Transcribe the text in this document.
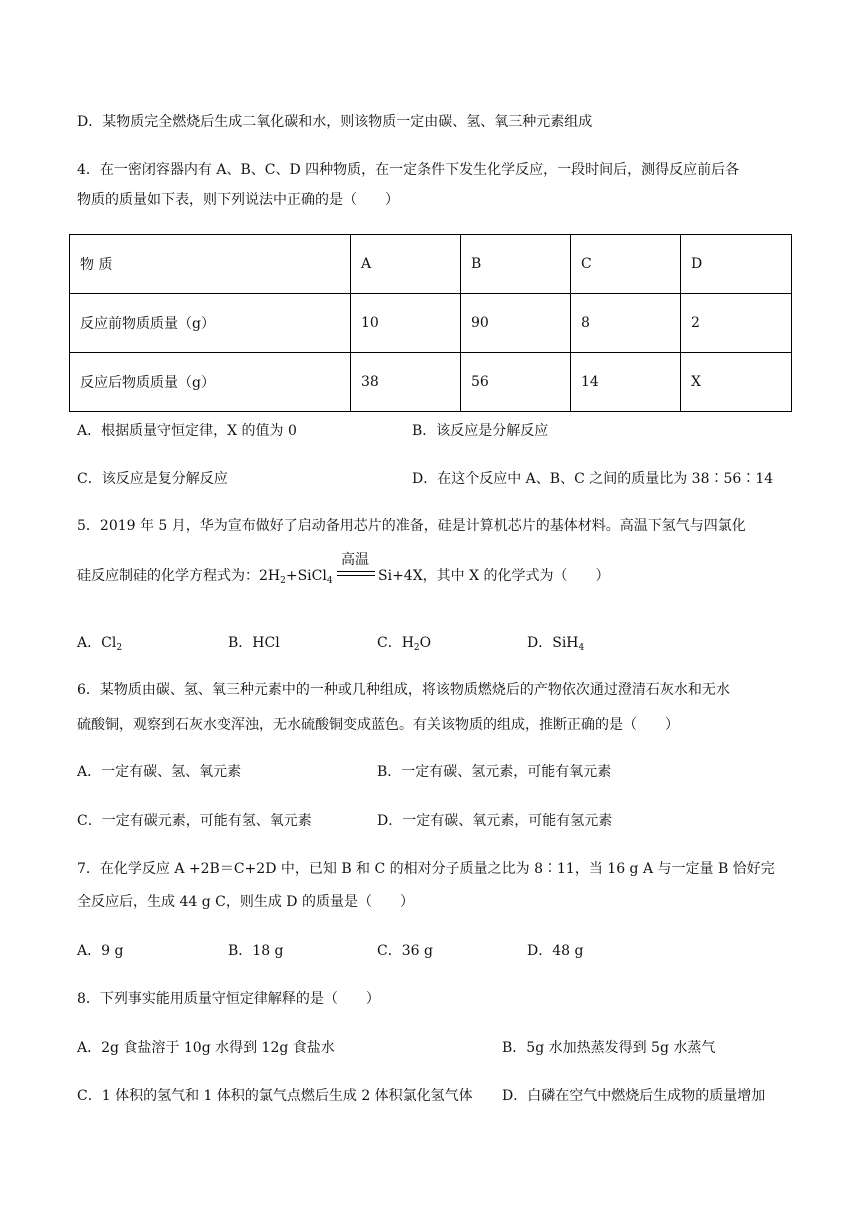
D．某物质完全燃烧后生成二氧化碳和水，则该物质一定由碳、氢、氧三种元素组成
4．在一密闭容器内有 A、B、C、D 四种物质，在一定条件下发生化学反应，一段时间后，测得反应前后各
物质的质量如下表，则下列说法中正确的是（　　）
物 质	A	B	C	D
反应前物质质量（g）	10	90	8	2
反应后物质质量（g）	38	56	14	X
A．根据质量守恒定律，X 的值为 0	B．该反应是分解反应
C．该反应是复分解反应	D．在这个反应中 A、B、C 之间的质量比为 38∶56∶14
5．2019 年 5 月，华为宣布做好了启动备用芯片的准备，硅是计算机芯片的基体材料。高温下氢气与四氯化
硅反应制硅的化学方程式为：$2H_2+SiCl_4$
高温
Si+4X，其中 X 的化学式为（　　）
A．$Cl_2$	B．HCl	C．$H_2O$	D．SiH$_4$
6．某物质由碳、氢、氧三种元素中的一种或几种组成，将该物质燃烧后的产物依次通过澄清石灰水和无水
硫酸铜，观察到石灰水变浑浊，无水硫酸铜变成蓝色。有关该物质的组成，推断正确的是（　　）
A．一定有碳、氢、氧元素	B．一定有碳、氢元素，可能有氧元素
C．一定有碳元素，可能有氢、氧元素	D．一定有碳、氧元素，可能有氢元素
7．在化学反应 A +2B＝C+2D 中，已知 B 和 C 的相对分子质量之比为 8∶11，当 16 g A 与一定量 B 恰好完
全反应后，生成 44 g C，则生成 D 的质量是（　　）
A．9 g	B．18 g	C．36 g	D．48 g
8．下列事实能用质量守恒定律解释的是（　　）
A．2g 食盐溶于 10g 水得到 12g 食盐水	B．5g 水加热蒸发得到 5g 水蒸气
C．1 体积的氢气和 1 体积的氯气点燃后生成 2 体积氯化氢气体 D．白磷在空气中燃烧后生成物的质量增加
